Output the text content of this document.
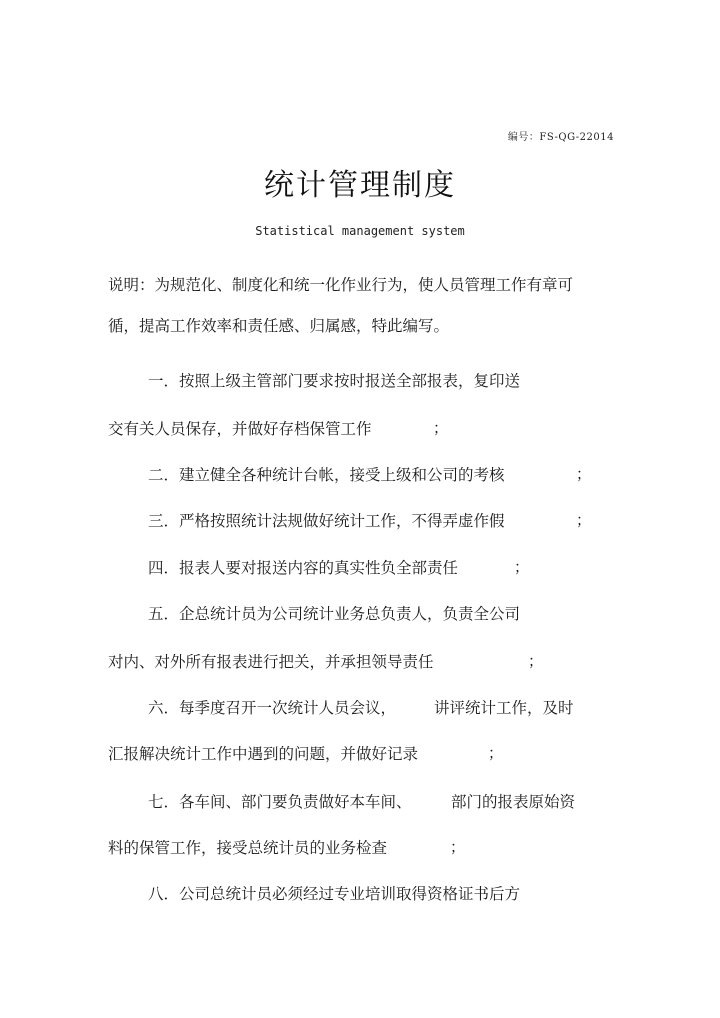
编号：FS-QG-22014
统计管理制度
Statistical management system
说明：为规范化、制度化和统一化作业行为，使人员管理工作有章可
循，提高工作效率和责任感、归属感，特此编写。
一．按照上级主管部门要求按时报送全部报表，复印送
交有关人员保存，并做好存档保管工作	；
二．建立健全各种统计台帐，接受上级和公司的考核	；
三．严格按照统计法规做好统计工作，不得弄虚作假	；
四．报表人要对报送内容的真实性负全部责任	；
五．企总统计员为公司统计业务总负责人，负责全公司
对内、对外所有报表进行把关，并承担领导责任	；
六．每季度召开一次统计人员会议， 讲评统计工作，及时
汇报解决统计工作中遇到的问题，并做好记录	；
七．各车间、部门要负责做好本车间、	部门的报表原始资
料的保管工作，接受总统计员的业务检查	；
八．公司总统计员必须经过专业培训取得资格证书后方
